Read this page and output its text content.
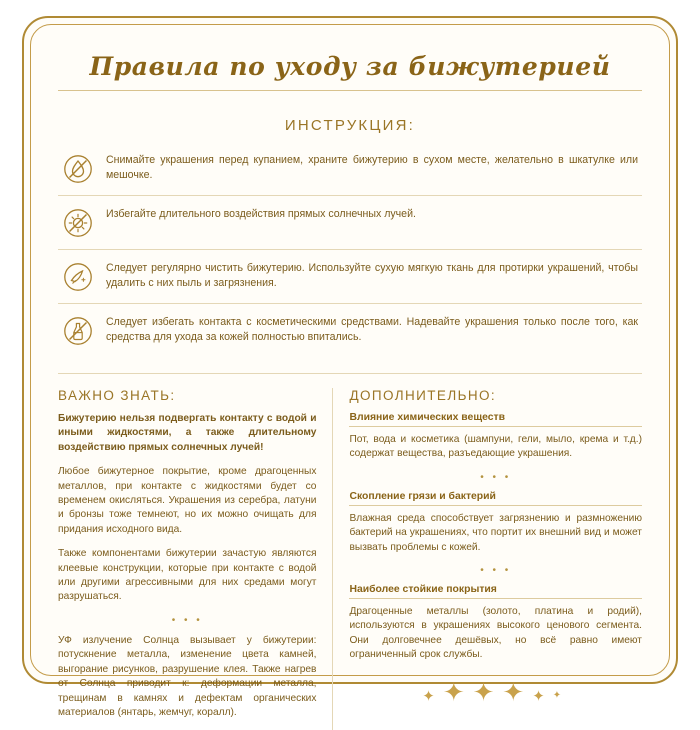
Правила по уходу за бижутерией
ИНСТРУКЦИЯ:
Снимайте украшения перед купанием, храните бижутерию в сухом месте, желательно в шкатулке или мешочке.
Избегайте длительного воздействия прямых солнечных лучей.
Следует регулярно чистить бижутерию. Используйте сухую мягкую ткань для протирки украшений, чтобы удалить с них пыль и загрязнения.
Следует избегать контакта с косметическими средствами. Надевайте украшения только после того, как средства для ухода за кожей полностью впитались.
ВАЖНО ЗНАТЬ:

Бижутерию нельзя подвергать контакту с водой и иными жидкостями, а также длительному воздействию прямых солнечных лучей!

Любое бижутерное покрытие, кроме драгоценных металлов, при контакте с жидкостями будет со временем окисляться. Украшения из серебра, латуни и бронзы тоже темнеют, но их можно очищать для придания исходного вида.

Также компонентами бижутерии зачастую являются клеевые конструкции, которые при контакте с водой или другими агрессивными для них средами могут разрушаться.

• • •

УФ излучение Солнца вызывает у бижутерии: потускнение металла, изменение цвета камней, выгорание рисунков, разрушение клея. Также нагрев от Солнца приводит к: деформации металла, трещинам в камнях и дефектам органических материалов (янтарь, жемчуг, коралл).

ДОПОЛНИТЕЛЬНО:
Влияние химических веществ

Пот, вода и косметика (шампуни, гели, мыло, крема и т.д.) содержат вещества, разъедающие украшения.

• • •
Скопление грязи и бактерий

Влажная среда способствует загрязнению и размножению бактерий на украшениях, что портит их внешний вид и может вызвать проблемы с кожей.

• • •
Наиболее стойкие покрытия

Драгоценные металлы (золото, платина и родий), используются в украшениях высокого ценового сегмента. Они долговечнее дешёвых, но всё равно имеют ограниченный срок службы.

✦✦✦✦✦✦
